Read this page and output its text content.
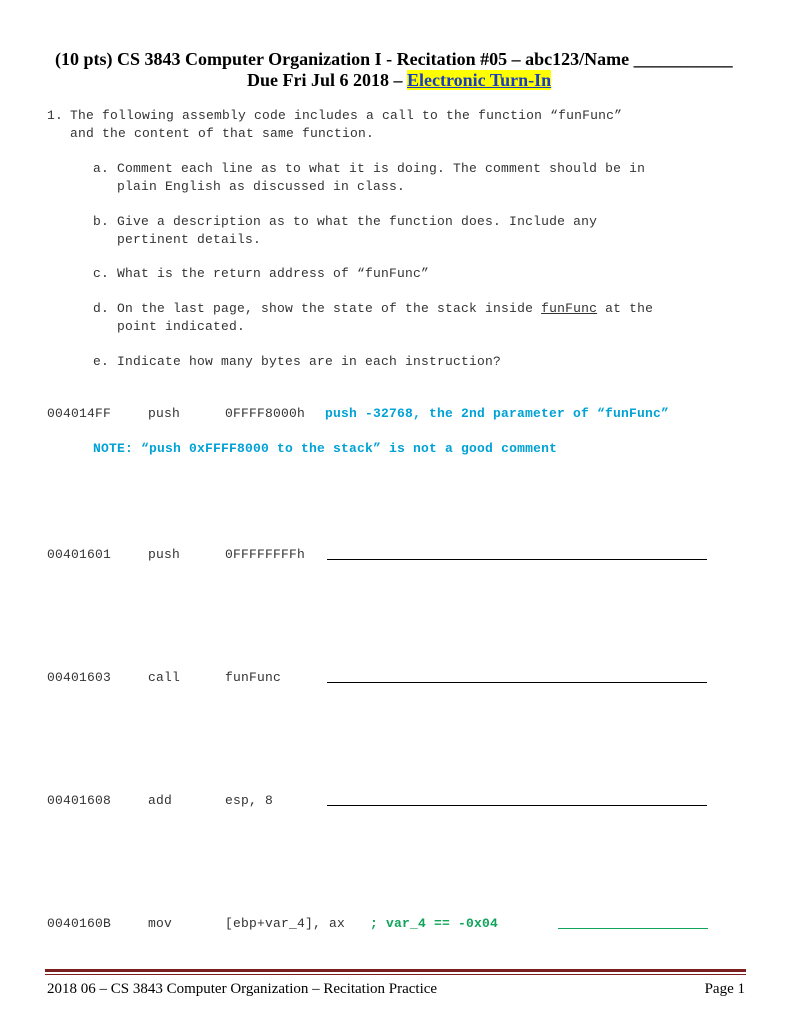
(10 pts) CS 3843 Computer Organization I - Recitation #05 – abc123/Name ___________
Due Fri Jul 6 2018 – Electronic Turn-In
1. The following assembly code includes a call to the function “funFunc”
and the content of that same function.
a. Comment each line as to what it is doing. The comment should be in
plain English as discussed in class.
b. Give a description as to what the function does. Include any
pertinent details.
c. What is the return address of “funFunc”
d. On the last page, show the state of the stack inside funFunc at the
point indicated.
e. Indicate how many bytes are in each instruction?
004014FF	push	0FFFF8000h push -32768, the 2nd parameter of “funFunc”
NOTE: “push 0xFFFF8000 to the stack” is not a good comment
00401601	push	0FFFFFFFFh
00401603	call	funFunc
00401608	add	esp, 8
0040160B	mov	[ebp+var_4], ax ; var_4 == -0x04
2018 06 – CS 3843 Computer Organization – Recitation Practice	Page 1
